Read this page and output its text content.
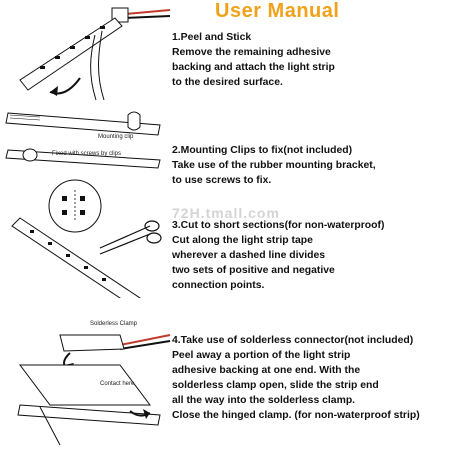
User Manual
Mounting clip
Fixed with screws by clips
Solderless Clamp
Contact here
72H.tmall.com
1.Peel and Stick
Remove the remaining adhesive
backing and attach the light strip
to the desired surface.
2.Mounting Clips to fix(not included)
Take use of the rubber mounting bracket,
to use screws to fix.
3.Cut to short sections(for non-waterproof)
Cut along the light strip tape
wherever a dashed line divides
two sets of positive and negative
connection points.
4.Take use of solderless connector(not included)
Peel away a portion of the light strip
adhesive backing at one end. With the
solderless clamp open, slide the strip end
all the way into the solderless clamp.
Close the hinged clamp. (for non-waterproof strip)
